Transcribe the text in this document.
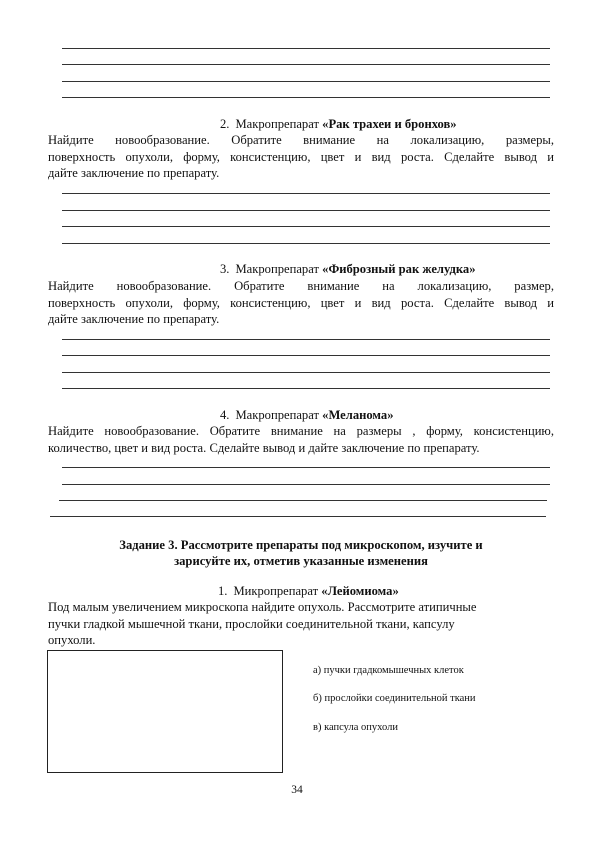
2. Макропрепарат «Рак трахеи и бронхов»
Найдите новообразование. Обратите внимание на локализацию, размеры,
поверхность опухоли, форму, консистенцию, цвет и вид роста. Сделайте вывод и
дайте заключение по препарату.
3. Макропрепарат «Фиброзный рак желудка»
Найдите новообразование. Обратите внимание на локализацию, размер,
поверхность опухоли, форму, консистенцию, цвет и вид роста. Сделайте вывод и
дайте заключение по препарату.
4. Макропрепарат «Меланома»
Найдите новообразование. Обратите внимание на размеры , форму, консистенцию,
количество, цвет и вид роста. Сделайте вывод и дайте заключение по препарату.
Задание 3. Рассмотрите препараты под микроскопом, изучите и
зарисуйте их, отметив указанные изменения
1. Микропрепарат «Лейомиома»
Под малым увеличением микроскопа найдите опухоль. Рассмотрите атипичные
пучки гладкой мышечной ткани, прослойки соединительной ткани, капсулу
опухоли.
а) пучки гдадкомышечных клеток
б) прослойки соединительной ткани
в) капсула опухоли
34
